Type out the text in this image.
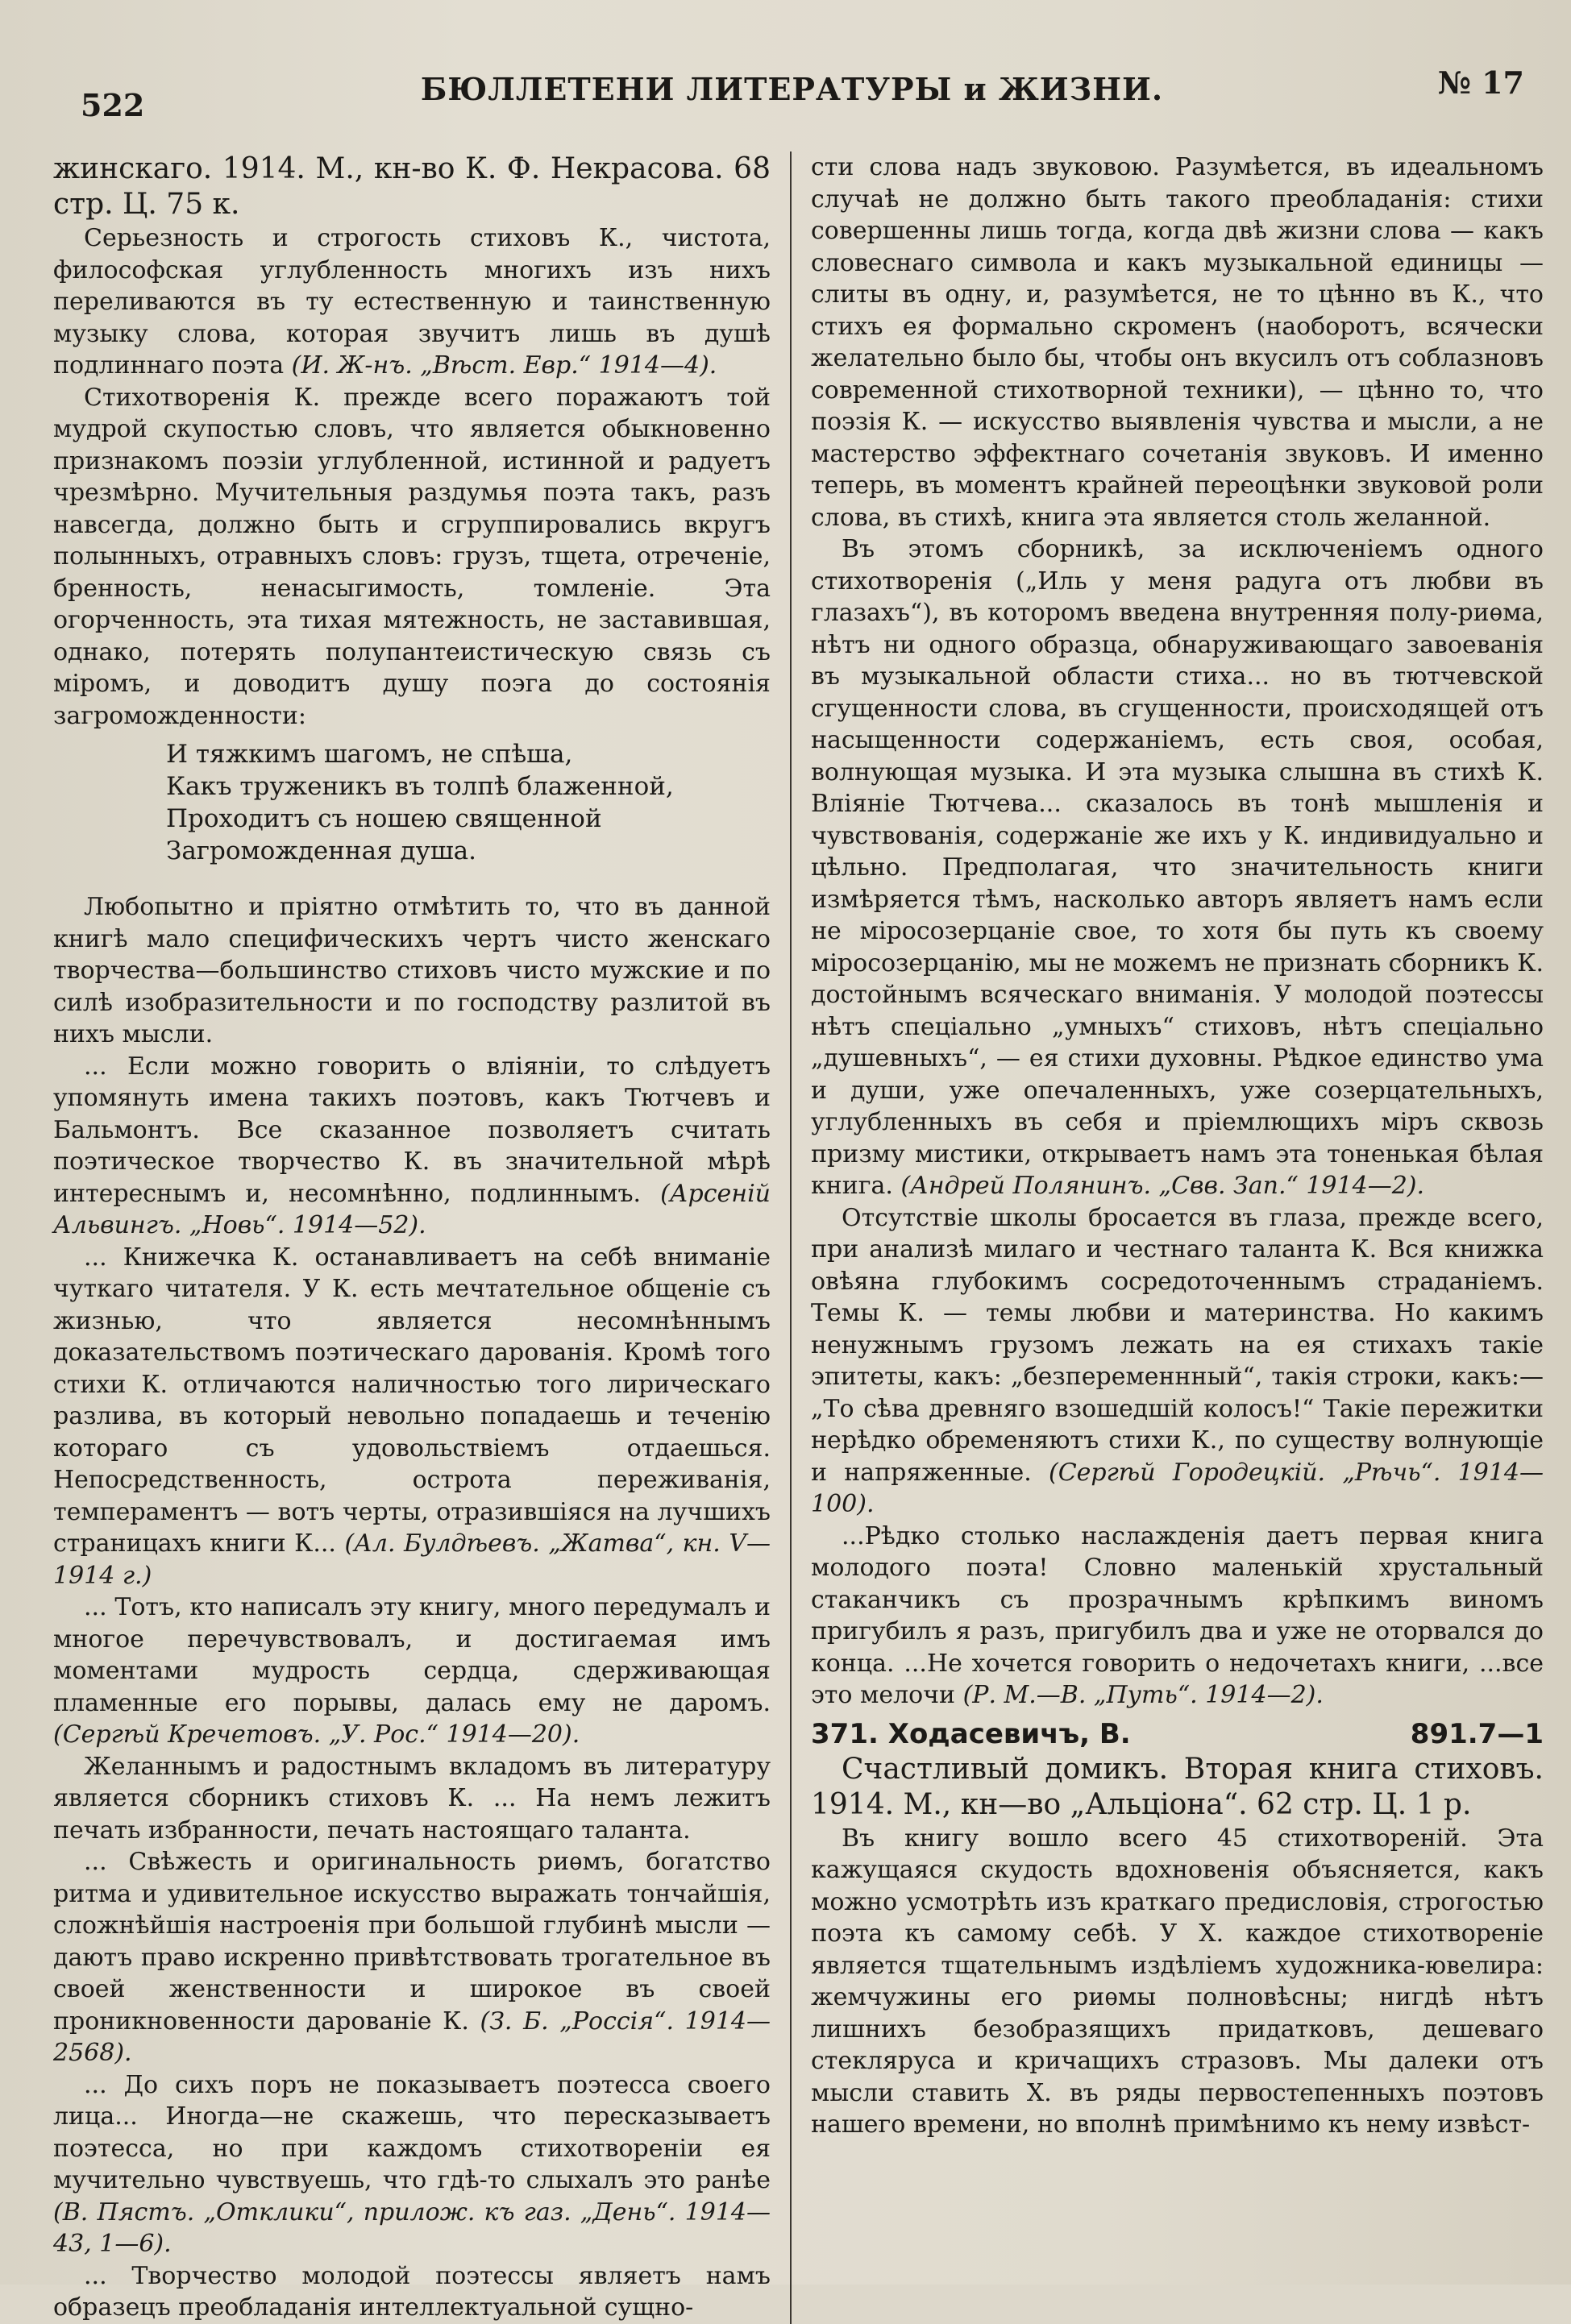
522	БЮЛЛЕТЕНИ ЛИТЕРАТУРЫ и ЖИЗНИ.	№ 17

жинскаго. 1914. М., кн-во К. Ф. Некрасова. 68 стр. Ц. 75 к.

Серьезность и строгость стиховъ К., чистота, философская углубленность многихъ изъ нихъ переливаются въ ту естественную и таинственную музыку слова, которая звучитъ лишь въ душѣ подлиннаго поэта (И. Ж-нъ. „Вѣст. Евр.“ 1914—4).

Стихотворенія К. прежде всего поражаютъ той мудрой скупостью словъ, что является обыкновенно признакомъ поэзіи углубленной, истинной и радуетъ чрезмѣрно. Мучительныя раздумья поэта такъ, разъ навсегда, должно быть и сгруппировались вкругъ полынныхъ, отравныхъ словъ: грузъ, тщета, отреченіе, бренность, ненасыгимость, томленіе. Эта огорченность, эта тихая мятежность, не заставившая, однако, потерять полупантеистическую связь съ міромъ, и доводитъ душу поэга до состоянія загроможденности:

И тяжкимъ шагомъ, не спѣша,
Какъ труженикъ въ толпѣ блаженной,
Проходитъ съ ношею священной
Загроможденная душа.

Любопытно и пріятно отмѣтить то, что въ данной книгѣ мало специфическихъ чертъ чисто женскаго творчества—большинство стиховъ чисто мужские и по силѣ изобразительности и по господству разлитой въ нихъ мысли.

... Если можно говорить о вліяніи, то слѣдуетъ упомянуть имена такихъ поэтовъ, какъ Тютчевъ и Бальмонтъ. Все сказанное позволяетъ считать поэтическое творчество К. въ значительной мѣрѣ интереснымъ и, несомнѣнно, подлиннымъ. (Арсеній Альвингъ. „Новь“. 1914—52).

... Книжечка К. останавливаетъ на себѣ вниманіе чуткаго читателя. У К. есть мечтательное общеніе съ жизнью, что является несомнѣннымъ доказательствомъ поэтическаго дарованія. Кромѣ того стихи К. отличаются наличностью того лирическаго разлива, въ который невольно попадаешь и теченію котораго съ удовольствіемъ отдаешься. Непосредственность, острота переживанія, темпераментъ — вотъ черты, отразившіяся на лучшихъ страницахъ книги К... (Ал. Булдѣевъ. „Жатва“, кн. V—1914 г.)

... Тотъ, кто написалъ эту книгу, много передумалъ и многое перечувствовалъ, и достигаемая имъ моментами мудрость сердца, сдерживающая пламенные его порывы, далась ему не даромъ. (Сергѣй Кречетовъ. „У. Рос.“ 1914—20).

Желаннымъ и радостнымъ вкладомъ въ литературу является сборникъ стиховъ К. ... На немъ лежитъ печать избранности, печать настоящаго таланта.

... Свѣжесть и оригинальность риѳмъ, богатство ритма и удивительное искусство выражать тончайшія, сложнѣйшія настроенія при большой глубинѣ мысли — даютъ право искренно привѣтствовать трогательное въ своей женственности и широкое въ своей проникновенности дарованіе К. (З. Б. „Россія“. 1914—2568).

... До сихъ поръ не показываетъ поэтесса своего лица... Иногда—не скажешь, что пересказываетъ поэтесса, но при каждомъ стихотвореніи ея мучительно чувствуешь, что гдѣ-то слыхалъ это ранѣе (В. Пястъ. „Отклики“, прилож. къ газ. „День“. 1914—43, 1—6).

... Творчество молодой поэтессы являетъ намъ образецъ преобладанія интеллектуальной сущно-

сти слова надъ звуковою. Разумѣется, въ идеальномъ случаѣ не должно быть такого преобладанія: стихи совершенны лишь тогда, когда двѣ жизни слова — какъ словеснаго символа и какъ музыкальной единицы — слиты въ одну, и, разумѣется, не то цѣнно въ К., что стихъ ея формально скроменъ (наоборотъ, всячески желательно было бы, чтобы онъ вкусилъ отъ соблазновъ современной стихотворной техники), — цѣнно то, что поэзія К. — искусство выявленія чувства и мысли, а не мастерство эффектнаго сочетанія звуковъ. И именно теперь, въ моментъ крайней переоцѣнки звуковой роли слова, въ стихѣ, книга эта является столь желанной.

Въ этомъ сборникѣ, за исключеніемъ одного стихотворенія („Иль у меня радуга отъ любви въ глазахъ“), въ которомъ введена внутренняя полу-риѳма, нѣтъ ни одного образца, обнаруживающаго завоеванія въ музыкальной области стиха... но въ тютчевской сгущенности слова, въ сгущенности, происходящей отъ насыщенности содержаніемъ, есть своя, особая, волнующая музыка. И эта музыка слышна въ стихѣ К. Вліяніе Тютчева... сказалось въ тонѣ мышленія и чувствованія, содержаніе же ихъ у К. индивидуально и цѣльно. Предполагая, что значительность книги измѣряется тѣмъ, насколько авторъ являетъ намъ если не міросозерцаніе свое, то хотя бы путь къ своему міросозерцанію, мы не можемъ не признать сборникъ К. достойнымъ всяческаго вниманія. У молодой поэтессы нѣтъ спеціально „умныхъ“ стиховъ, нѣтъ спеціально „душевныхъ“, — ея стихи духовны. Рѣдкое единство ума и души, уже опечаленныхъ, уже созерцательныхъ, углубленныхъ въ себя и пріемлющихъ міръ сквозь призму мистики, открываетъ намъ эта тоненькая бѣлая книга. (Андрей Полянинъ. „Свв. Зап.“ 1914—2).

Отсутствіе школы бросается въ глаза, прежде всего, при анализѣ милаго и честнаго таланта К. Вся книжка овѣяна глубокимъ сосредоточеннымъ страданіемъ. Темы К. — темы любви и материнства. Но какимъ ненужнымъ грузомъ лежать на ея стихахъ такіе эпитеты, какъ: „безпеременнный“, такія строки, какъ:—„То сѣва древняго взошедшій колосъ!“ Такіе пережитки нерѣдко обременяютъ стихи К., по существу волнующіе и напряженные. (Сергѣй Городецкій. „Рѣчь“. 1914—100).

...Рѣдко столько наслажденія даетъ первая книга молодого поэта! Словно маленькій хрустальный стаканчикъ съ прозрачнымъ крѣпкимъ виномъ пригубилъ я разъ, пригубилъ два и уже не оторвался до конца. ...Не хочется говорить о недочетахъ книги, ...все это мелочи (Р. М.—В. „Путь“. 1914—2).

891.7—1
371. Ходасевичъ, В.

Счастливый домикъ. Вторая книга стиховъ. 1914. М., кн—во „Альціона“. 62 стр. Ц. 1 р.

Въ книгу вошло всего 45 стихотвореній. Эта кажущаяся скудость вдохновенія объясняется, какъ можно усмотрѣть изъ краткаго предисловія, строгостью поэта къ самому себѣ. У Х. каждое стихотвореніе является тщательнымъ издѣліемъ художника-ювелира: жемчужины его риѳмы полновѣсны; нигдѣ нѣтъ лишнихъ безобразящихъ придатковъ, дешеваго стекляруса и кричащихъ стразовъ. Мы далеки отъ мысли ставить Х. въ ряды первостепенныхъ поэтовъ нашего времени, но вполнѣ примѣнимо къ нему извѣст-
